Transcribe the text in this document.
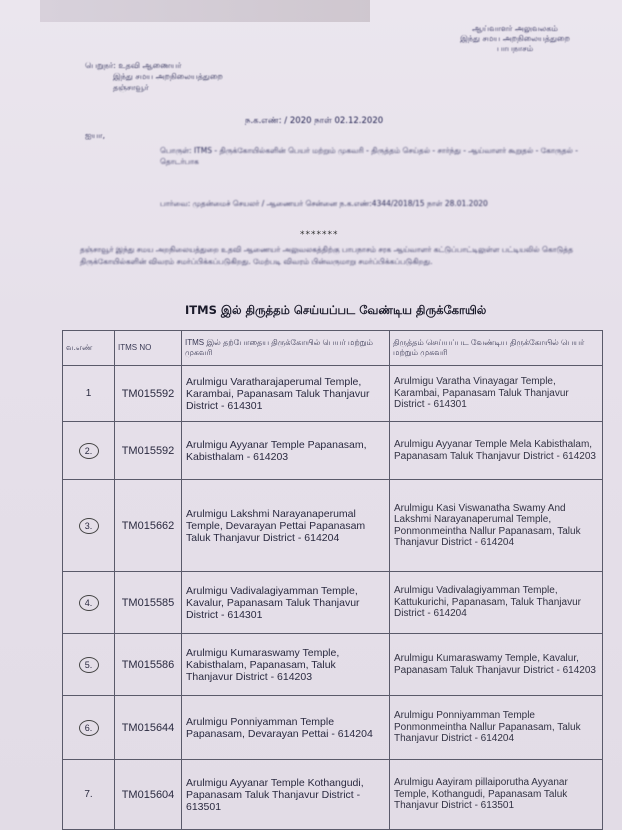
ஆய்வாளர் அலுவலகம்
இந்து சமய அறநிலையத்துறை
பாபநாசம்
பெறுநர்: உதவி ஆணையர்
இந்து சமய அறநிலையத்துறை
தஞ்சாவூர்
ந.க.எண்: / 2020 நாள் 02.12.2020
ஐயா,
பொருள்: ITMS - திருக்கோயில்களின் பெயர் மற்றும் முகவரி - திருத்தம் செய்தல் - சார்ந்து - ஆய்வாளர் கூறுதல் - கோருதல் - தொடர்பாக
பார்வை: முதன்மைச் செயலர் / ஆணையர் சென்னை ந.க.எண்:4344/2018/15 நாள் 28.01.2020
*******
தஞ்சாவூர் இந்து சமய அறநிலையத்துறை உதவி ஆணையர் அலுவலகத்திற்கு பாபநாசம் சரக ஆய்வாளர் கட்டுப்பாட்டிலுள்ள பட்டியலில் கொடுத்த திருக்கோயில்களின் விவரம் சமர்ப்பிக்கப்படுகிறது. மேற்படி விவரம் பின்வருமாறு சமர்ப்பிக்கப்படுகிறது.
ITMS இல் திருத்தம் செய்யப்பட வேண்டிய திருக்கோயில்
வ.எண்	ITMS NO	ITMS இல் தற்போதைய திருக்கோயில் பெயர் மற்றும் முகவரி	திருத்தம் செய்யப்பட வேண்டிய திருக்கோயில் பெயர் மற்றும் முகவரி
1	TM015592	Arulmigu Varatharajaperumal Temple, Karambai, Papanasam Taluk Thanjavur District - 614301	Arulmigu Varatha Vinayagar Temple, Karambai, Papanasam Taluk Thanjavur District - 614301
2.	TM015592	Arulmigu Ayyanar Temple Papanasam, Kabisthalam - 614203	Arulmigu Ayyanar Temple Mela Kabisthalam, Papanasam Taluk Thanjavur District - 614203
3.	TM015662	Arulmigu Lakshmi Narayanaperumal Temple, Devarayan Pettai Papanasam Taluk Thanjavur District - 614204	Arulmigu Kasi Viswanatha Swamy And Lakshmi Narayanaperumal Temple, Ponmonmeintha Nallur Papanasam, Taluk Thanjavur District - 614204
4.	TM015585	Arulmigu Vadivalagiyamman Temple, Kavalur, Papanasam Taluk Thanjavur District - 614301	Arulmigu Vadivalagiyamman Temple, Kattukurichi, Papanasam, Taluk Thanjavur District - 614204
5.	TM015586	Arulmigu Kumaraswamy Temple, Kabisthalam, Papanasam, Taluk Thanjavur District - 614203	Arulmigu Kumaraswamy Temple, Kavalur, Papanasam Taluk Thanjavur District - 614203
6.	TM015644	Arulmigu Ponniyamman Temple Papanasam, Devarayan Pettai - 614204	Arulmigu Ponniyamman Temple Ponmonmeintha Nallur Papanasam, Taluk Thanjavur District - 614204
7.	TM015604	Arulmigu Ayyanar Temple Kothangudi, Papanasam Taluk Thanjavur District - 613501	Arulmigu Aayiram pillaiporutha Ayyanar Temple, Kothangudi, Papanasam Taluk Thanjavur District - 613501
